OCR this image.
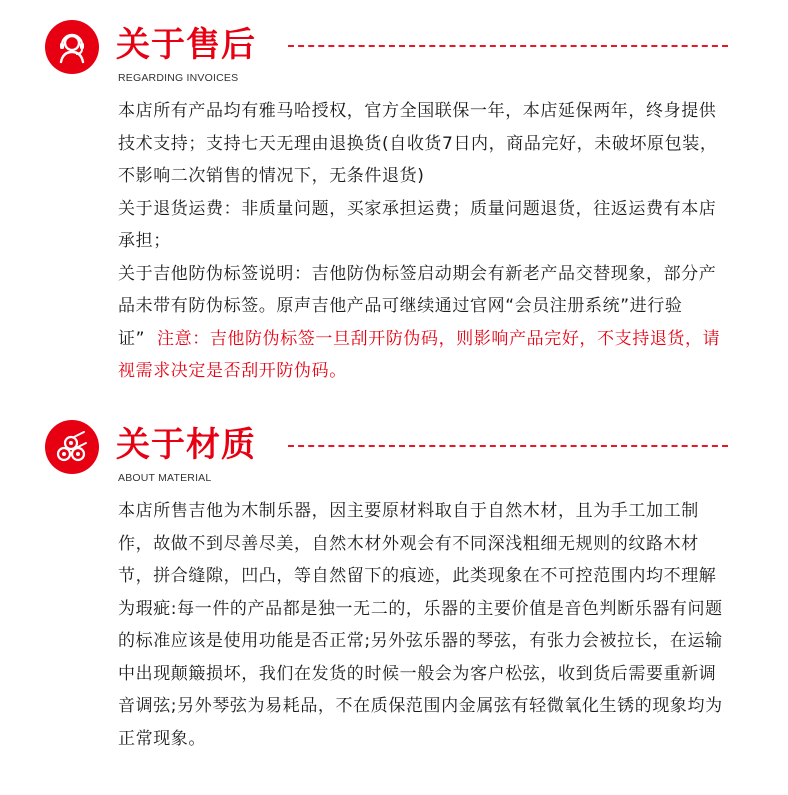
关于售后
REGARDING INVOICES

本店所有产品均有雅马哈授权，官方全国联保一年，本店延保两年，终身提供技术支持；支持七天无理由退换货(自收货7日内，商品完好，未破坏原包装，不影响二次销售的情况下，无条件退货)

关于退货运费：非质量问题，买家承担运费；质量问题退货，往返运费有本店承担；

关于吉他防伪标签说明：吉他防伪标签启动期会有新老产品交替现象，部分产品未带有防伪标签。原声吉他产品可继续通过官网“会员注册系统”进行验证” 注意：吉他防伪标签一旦刮开防伪码，则影响产品完好，不支持退货，请视需求决定是否刮开防伪码。

关于材质
ABOUT MATERIAL

本店所售吉他为木制乐器，因主要原材料取自于自然木材，且为手工加工制作，故做不到尽善尽美，自然木材外观会有不同深浅粗细无规则的纹路木材节，拼合缝隙，凹凸，等自然留下的痕迹，此类现象在不可控范围内均不理解为瑕疵:每一件的产品都是独一无二的，乐器的主要价值是音色判断乐器有问题的标准应该是使用功能是否正常;另外弦乐器的琴弦，有张力会被拉长，在运输中出现颠簸损坏，我们在发货的时候一般会为客户松弦，收到货后需要重新调音调弦;另外琴弦为易耗品，不在质保范围内金属弦有轻微氧化生锈的现象均为正常现象。
